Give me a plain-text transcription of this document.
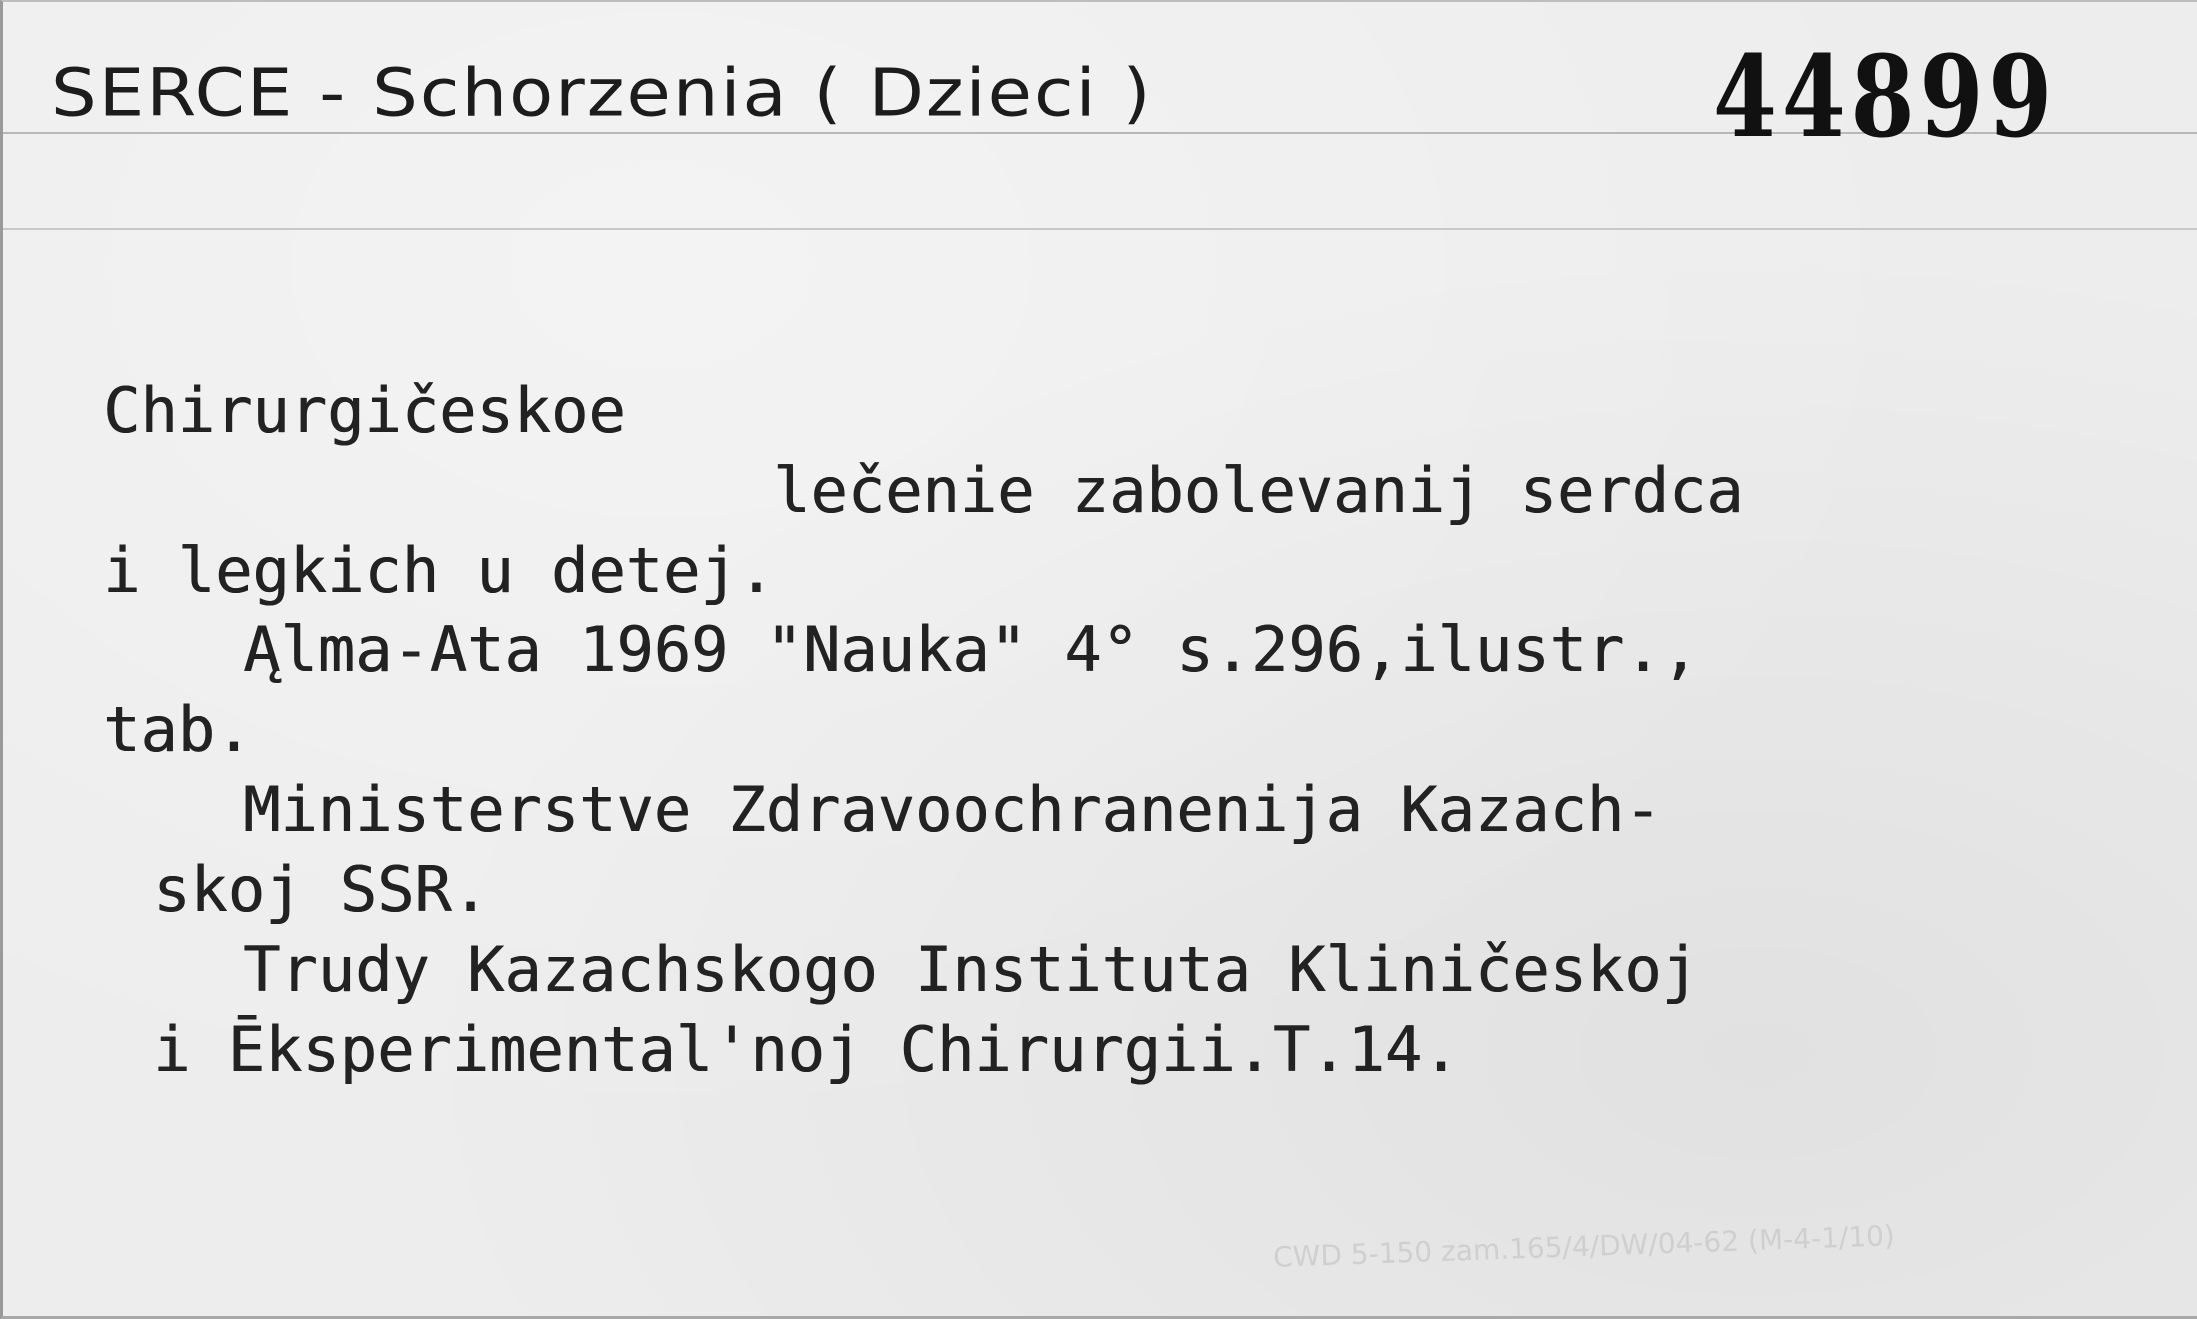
SERCE - Schorzenia ( Dzieci )	44899
Chirurgičeskoe
lečenie zabolevanij serdca
i legkich u detej.
Ąlma-Ata 1969 "Nauka" 4° s.296,ilustr.,
tab.
Ministerstve Zdravoochranenija Kazach-
skoj SSR.
Trudy Kazachskogo Instituta Kliničeskoj
i Ēksperimental'noj Chirurgii.T.14.
CWD 5-150 zam.165/4/DW/04-62 (M-4-1/10)
